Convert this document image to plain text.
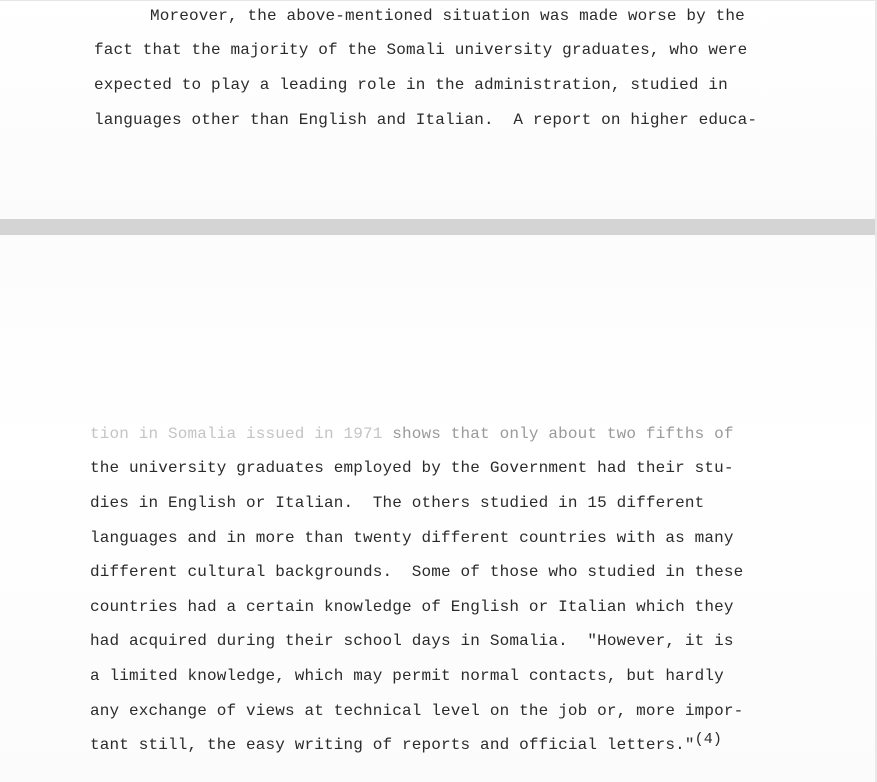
Moreover, the above-mentioned situation was made worse by the
fact that the majority of the Somali university graduates, who were
expected to play a leading role in the administration, studied in
languages other than English and Italian.  A report on higher educa-
tion in Somalia issued in 1971 shows that only about two fifths of
the university graduates employed by the Government had their stu-
dies in English or Italian.  The others studied in 15 different
languages and in more than twenty different countries with as many
different cultural backgrounds.  Some of those who studied in these
countries had a certain knowledge of English or Italian which they
had acquired during their school days in Somalia.  "However, it is
a limited knowledge, which may permit normal contacts, but hardly
any exchange of views at technical level on the job or, more impor-
tant still, the easy writing of reports and official letters."$^{(4)}$
